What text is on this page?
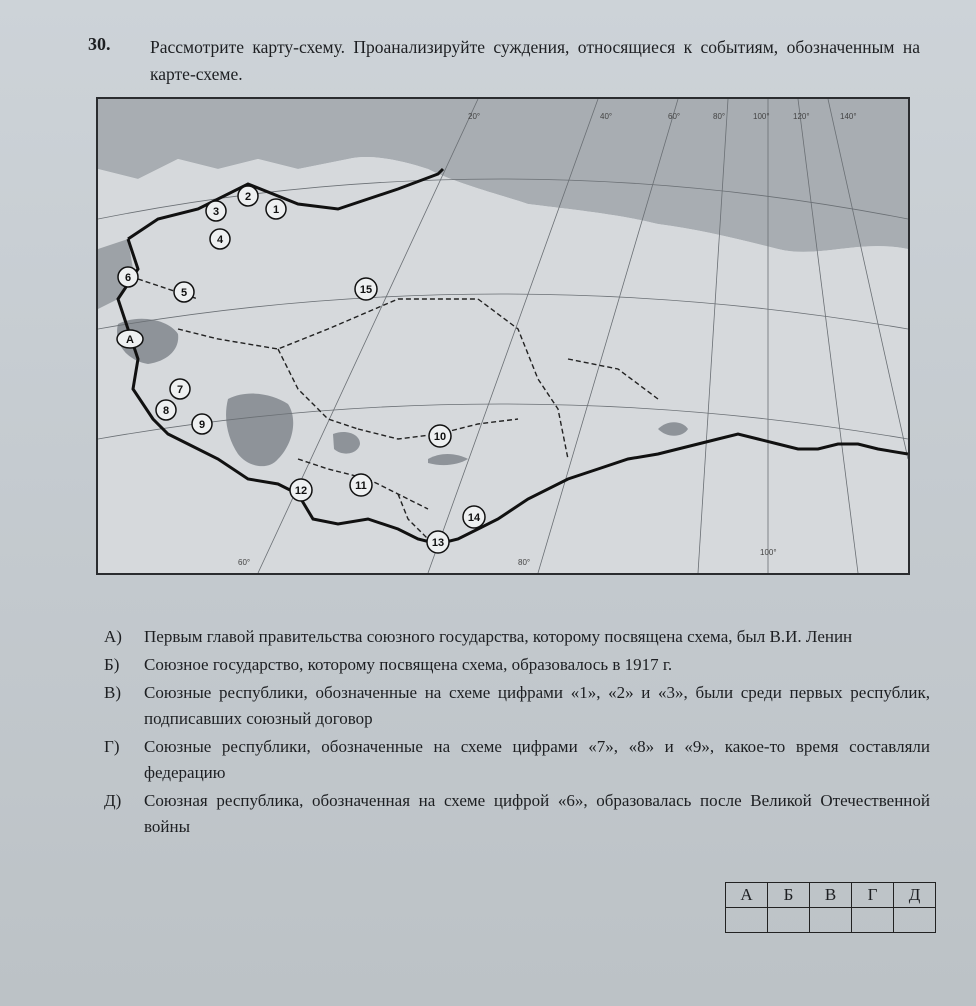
30. Рассмотрите карту-схему. Проанализируйте суждения, относящиеся к событиям, обозначенным на карте-схеме.
1
2
3
4
5
6
A
7
8
9
10
11
12
13
14
15
20°	40°	60°	80°	100°	120°	140°
60°	80°
100°
А)	Первым главой правительства союзного государства, которому посвящена схема, был В.И. Ленин
Б)	Союзное государство, которому посвящена схема, образовалось в 1917 г.
В)	Союзные республики, обозначенные на схеме цифрами «1», «2» и «3», были среди первых республик, подписавших союзный договор
Г)	Союзные республики, обозначенные на схеме цифрами «7», «8» и «9», какое-то время составляли федерацию
Д)	Союзная республика, обозначенная на схеме цифрой «6», образовалась после Великой Отечественной войны
А	Б	В	Г	Д
